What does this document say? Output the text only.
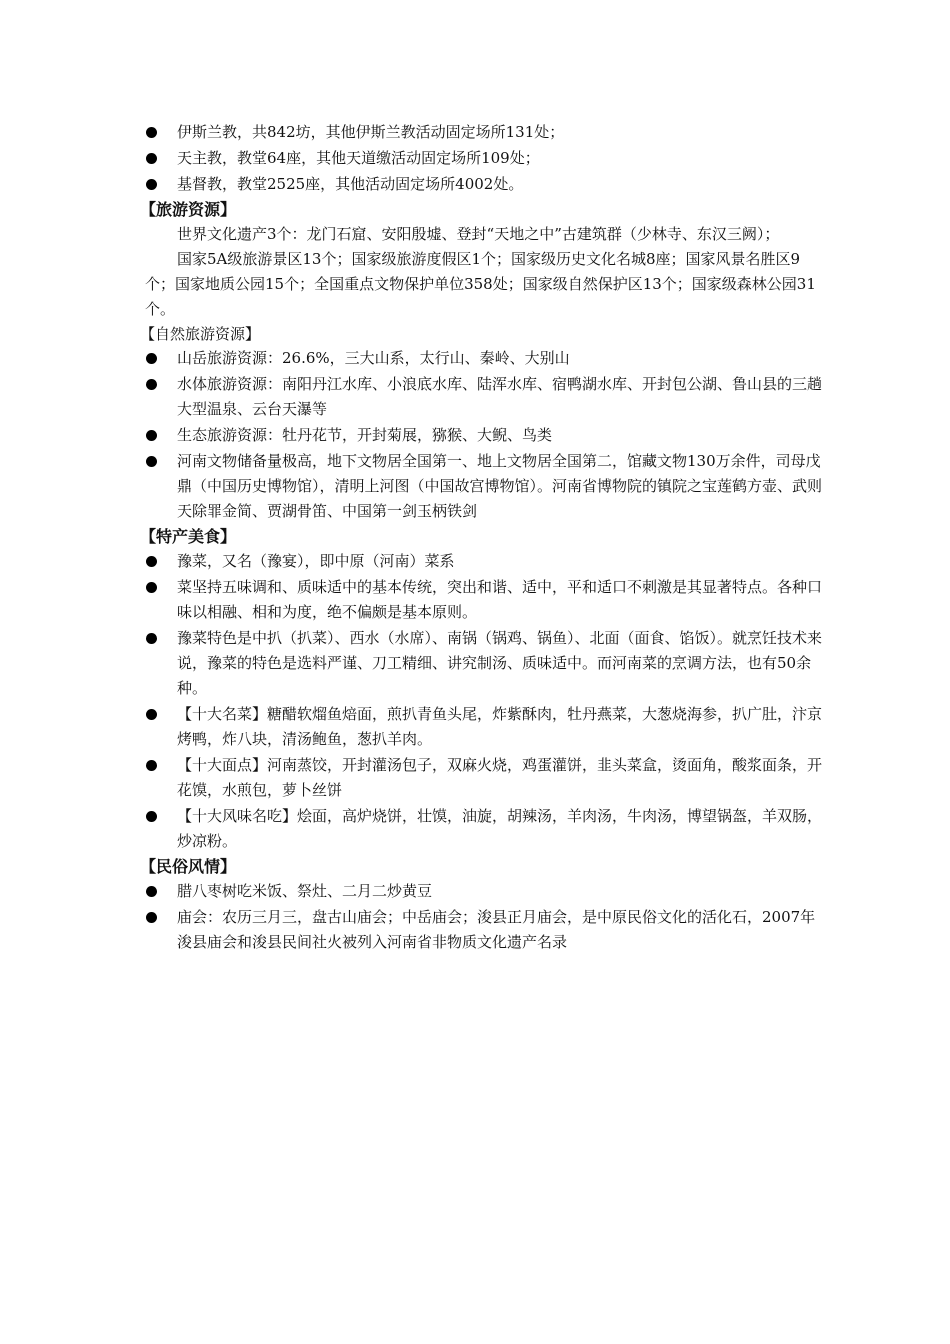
伊斯兰教，共842坊，其他伊斯兰教活动固定场所131处；
天主教，教堂64座，其他天道缴活动固定场所109处；
基督教，教堂2525座，其他活动固定场所4002处。
【旅游资源】
世界文化遗产3个：龙门石窟、安阳殷墟、登封“天地之中”古建筑群（少林寺、东汉三阙）；
国家5A级旅游景区13个；国家级旅游度假区1个；国家级历史文化名城8座；国家风景名胜区9个；国家地质公园15个；全国重点文物保护单位358处；国家级自然保护区13个；国家级森林公园31个。
【自然旅游资源】
山岳旅游资源：26.6%，三大山系，太行山、秦岭、大别山
水体旅游资源：南阳丹江水库、小浪底水库、陆浑水库、宿鸭湖水库、开封包公湖、鲁山县的三趟大型温泉、云台天瀑等
生态旅游资源：牡丹花节，开封菊展，猕猴、大鲵、鸟类
河南文物储备量极高，地下文物居全国第一、地上文物居全国第二，馆藏文物130万余件，司母戊鼎（中国历史博物馆），清明上河图（中国故宫博物馆）。河南省博物院的镇院之宝莲鹤方壶、武则天除罪金简、贾湖骨笛、中国第一剑玉柄铁剑
【特产美食】
豫菜，又名（豫宴），即中原（河南）菜系
菜坚持五味调和、质味适中的基本传统，突出和谐、适中，平和适口不刺激是其显著特点。各种口味以相融、相和为度，绝不偏颇是基本原则。
豫菜特色是中扒（扒菜）、西水（水席）、南锅（锅鸡、锅鱼）、北面（面食、馅饭）。就烹饪技术来说，豫菜的特色是选料严谨、刀工精细、讲究制汤、质味适中。而河南菜的烹调方法，也有50余种。
【十大名菜】糖醋软熘鱼焙面，煎扒青鱼头尾，炸紫酥肉，牡丹燕菜，大葱烧海参，扒广肚，汴京烤鸭，炸八块，清汤鲍鱼，葱扒羊肉。
【十大面点】河南蒸饺，开封灌汤包子，双麻火烧，鸡蛋灌饼，韭头菜盒，烫面角，酸浆面条，开花馍，水煎包，萝卜丝饼
【十大风味名吃】烩面，高炉烧饼，壮馍，油旋，胡辣汤，羊肉汤，牛肉汤，博望锅盔，羊双肠，炒凉粉。
【民俗风情】
腊八枣树吃米饭、祭灶、二月二炒黄豆
庙会：农历三月三，盘古山庙会；中岳庙会；浚县正月庙会，是中原民俗文化的活化石，2007年浚县庙会和浚县民间社火被列入河南省非物质文化遗产名录
